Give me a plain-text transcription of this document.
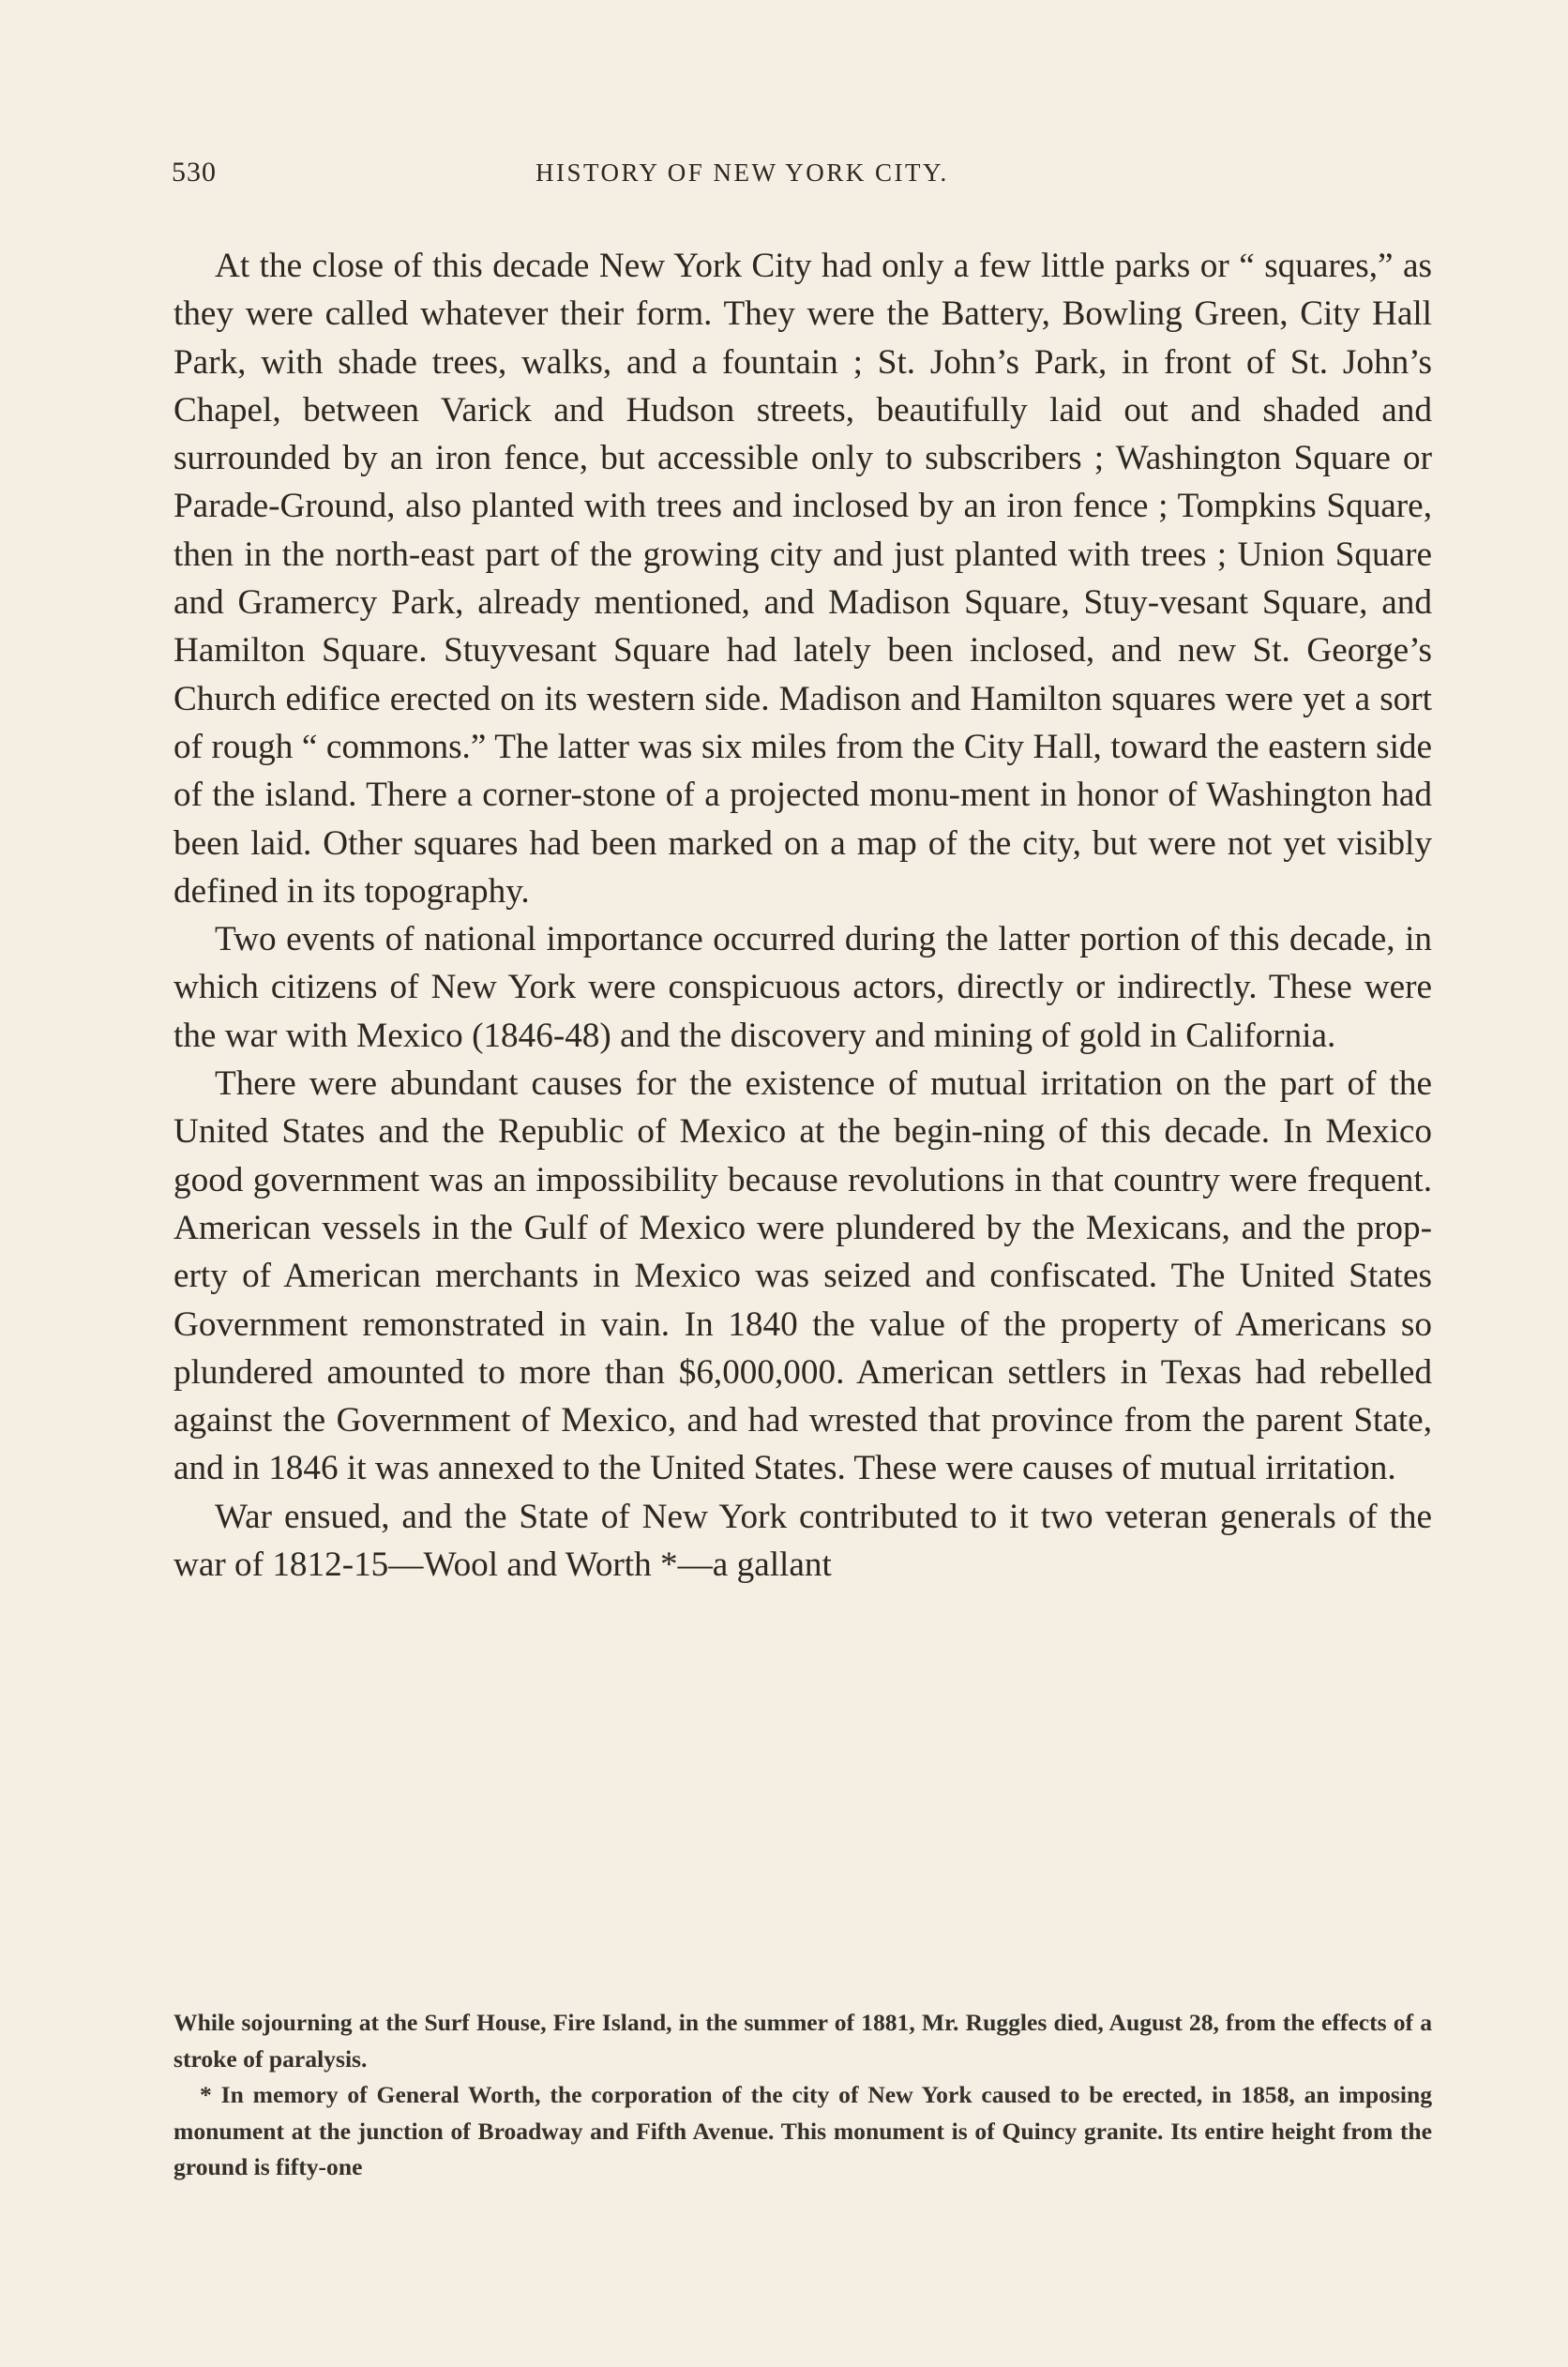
530	HISTORY OF NEW YORK CITY.

At the close of this decade New York City had only a few little parks or “ squares,” as they were called whatever their form. They were the Battery, Bowling Green, City Hall Park, with shade trees, walks, and a fountain ; St. John’s Park, in front of St. John’s Chapel, between Varick and Hudson streets, beautifully laid out and shaded and surrounded by an iron fence, but accessible only to subscribers ; Washington Square or Parade-Ground, also planted with trees and inclosed by an iron fence ; Tompkins Square, then in the north-east part of the growing city and just planted with trees ; Union Square and Gramercy Park, already mentioned, and Madison Square, Stuy-vesant Square, and Hamilton Square. Stuyvesant Square had lately been inclosed, and new St. George’s Church edifice erected on its western side. Madison and Hamilton squares were yet a sort of rough “ commons.” The latter was six miles from the City Hall, toward the eastern side of the island. There a corner-stone of a projected monu-ment in honor of Washington had been laid. Other squares had been marked on a map of the city, but were not yet visibly defined in its topography.

Two events of national importance occurred during the latter portion of this decade, in which citizens of New York were conspicuous actors, directly or indirectly. These were the war with Mexico (1846-48) and the discovery and mining of gold in California.

There were abundant causes for the existence of mutual irritation on the part of the United States and the Republic of Mexico at the begin-ning of this decade. In Mexico good government was an impossibility because revolutions in that country were frequent. American vessels in the Gulf of Mexico were plundered by the Mexicans, and the prop-erty of American merchants in Mexico was seized and confiscated. The United States Government remonstrated in vain. In 1840 the value of the property of Americans so plundered amounted to more than $6,000,000. American settlers in Texas had rebelled against the Government of Mexico, and had wrested that province from the parent State, and in 1846 it was annexed to the United States. These were causes of mutual irritation.

War ensued, and the State of New York contributed to it two veteran generals of the war of 1812-15—Wool and Worth *—a gallant

While sojourning at the Surf House, Fire Island, in the summer of 1881, Mr. Ruggles died, August 28, from the effects of a stroke of paralysis.

* In memory of General Worth, the corporation of the city of New York caused to be erected, in 1858, an imposing monument at the junction of Broadway and Fifth Avenue. This monument is of Quincy granite. Its entire height from the ground is fifty-one
